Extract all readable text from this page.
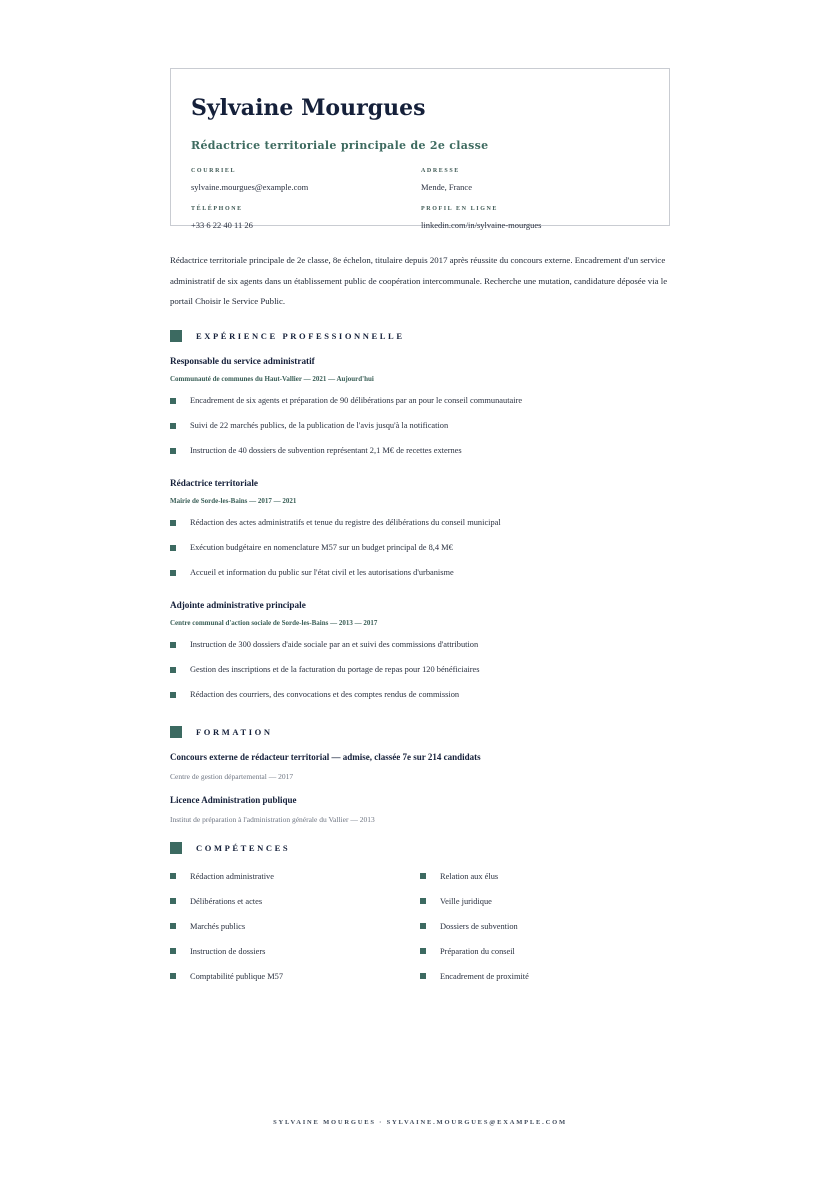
Sylvaine Mourgues
Rédactrice territoriale principale de 2e classe
COURRIEL
sylvaine.mourgues@example.com
ADRESSE
Mende, France
TÉLÉPHONE
+33 6 22 40 11 26
PROFIL EN LIGNE
linkedin.com/in/sylvaine-mourgues

Rédactrice territoriale principale de 2e classe, 8e échelon, titulaire depuis 2017 après réussite du concours externe. Encadrement d'un service administratif de six agents dans un établissement public de coopération intercommunale. Recherche une mutation, candidature déposée via le portail Choisir le Service Public.

EXPÉRIENCE PROFESSIONNELLE
Responsable du service administratif
Communauté de communes du Haut-Vallier — 2021 — Aujourd'hui
Encadrement de six agents et préparation de 90 délibérations par an pour le conseil communautaire
Suivi de 22 marchés publics, de la publication de l'avis jusqu'à la notification
Instruction de 40 dossiers de subvention représentant 2,1 M€ de recettes externes
Rédactrice territoriale
Mairie de Sorde-les-Bains — 2017 — 2021
Rédaction des actes administratifs et tenue du registre des délibérations du conseil municipal
Exécution budgétaire en nomenclature M57 sur un budget principal de 8,4 M€
Accueil et information du public sur l'état civil et les autorisations d'urbanisme
Adjointe administrative principale
Centre communal d'action sociale de Sorde-les-Bains — 2013 — 2017
Instruction de 300 dossiers d'aide sociale par an et suivi des commissions d'attribution
Gestion des inscriptions et de la facturation du portage de repas pour 120 bénéficiaires
Rédaction des courriers, des convocations et des comptes rendus de commission
FORMATION
Concours externe de rédacteur territorial — admise, classée 7e sur 214 candidats
Centre de gestion départemental — 2017
Licence Administration publique
Institut de préparation à l'administration générale du Vallier — 2013
COMPÉTENCES
Rédaction administrative	Relation aux élus
Délibérations et actes	Veille juridique
Marchés publics	Dossiers de subvention
Instruction de dossiers	Préparation du conseil
Comptabilité publique M57	Encadrement de proximité
SYLVAINE MOURGUES · SYLVAINE.MOURGUES@EXAMPLE.COM
